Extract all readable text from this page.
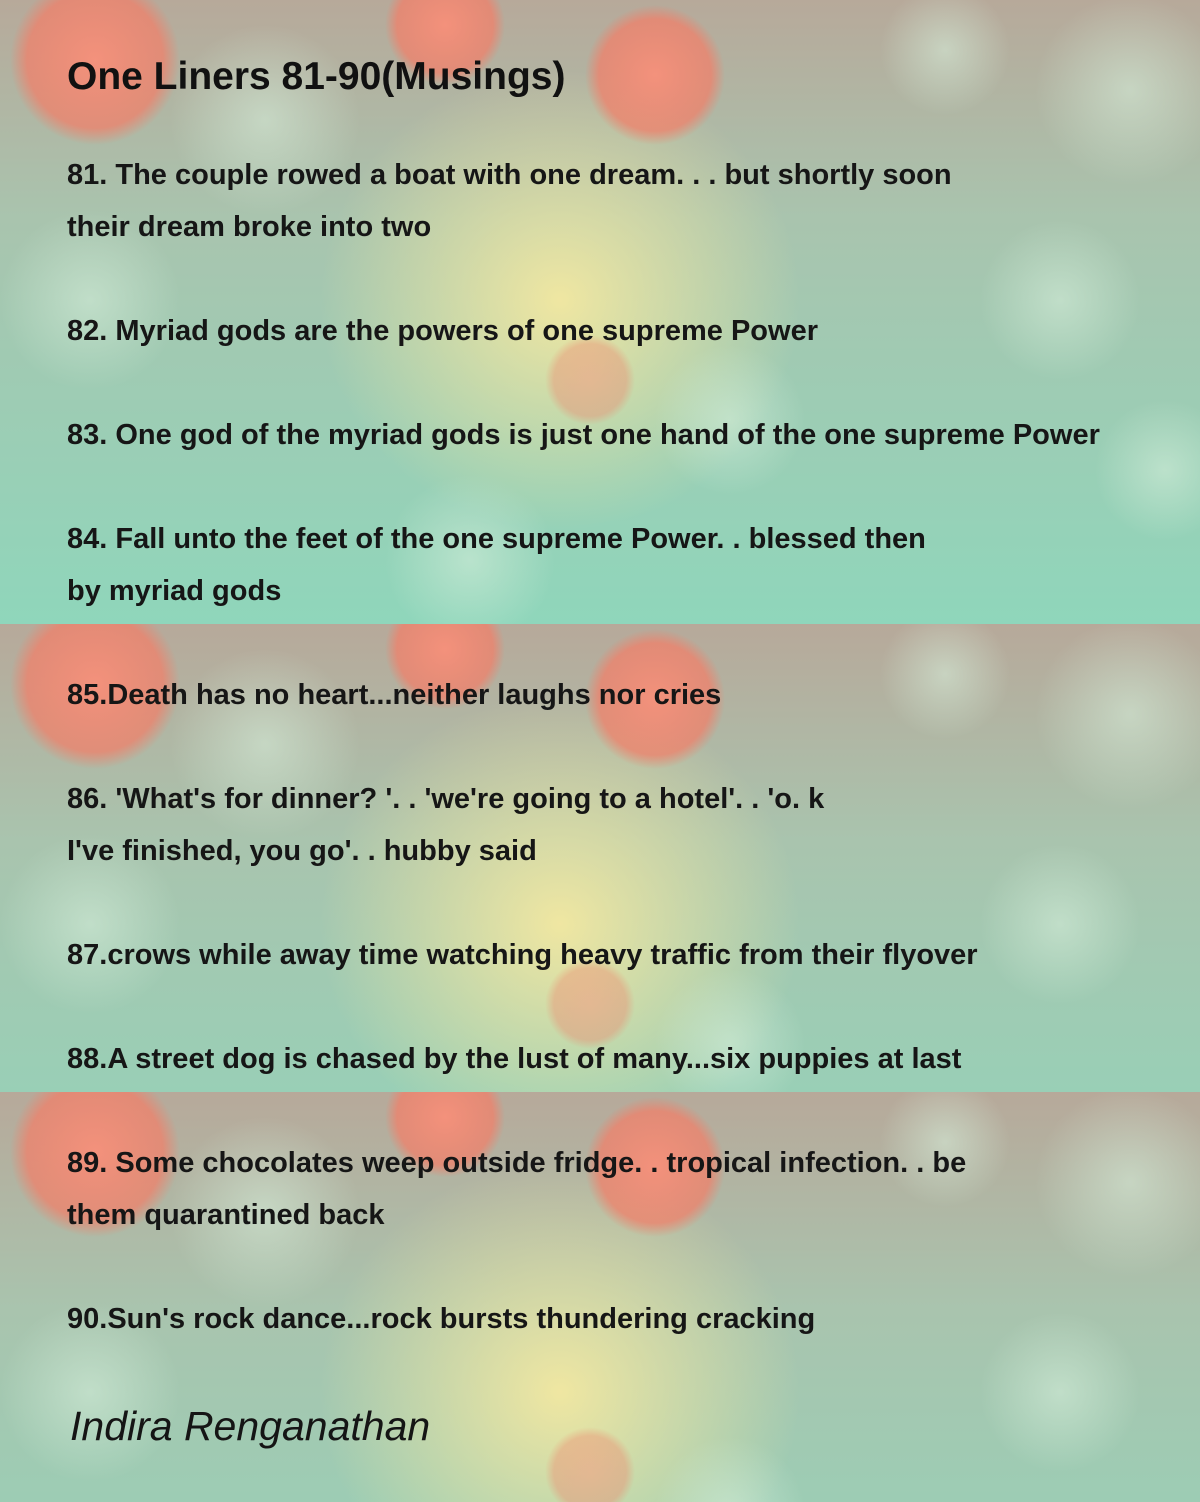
One Liners 81-90(Musings)

81. The couple rowed a boat with one dream. . . but shortly soon

their dream broke into two

82. Myriad gods are the powers of one supreme Power

83. One god of the myriad gods is just one hand of the one supreme Power

84. Fall unto the feet of the one supreme Power. . blessed then

by myriad gods

85.Death has no heart...neither laughs nor cries

86. 'What's for dinner? '. . 'we're going to a hotel'. . 'o. k

I've finished, you go'. . hubby said

87.crows while away time watching heavy traffic from their flyover

88.A street dog is chased by the lust of many...six puppies at last

89. Some chocolates weep outside fridge. . tropical infection. . be

them quarantined back

90.Sun's rock dance...rock bursts thundering cracking

Indira Renganathan
